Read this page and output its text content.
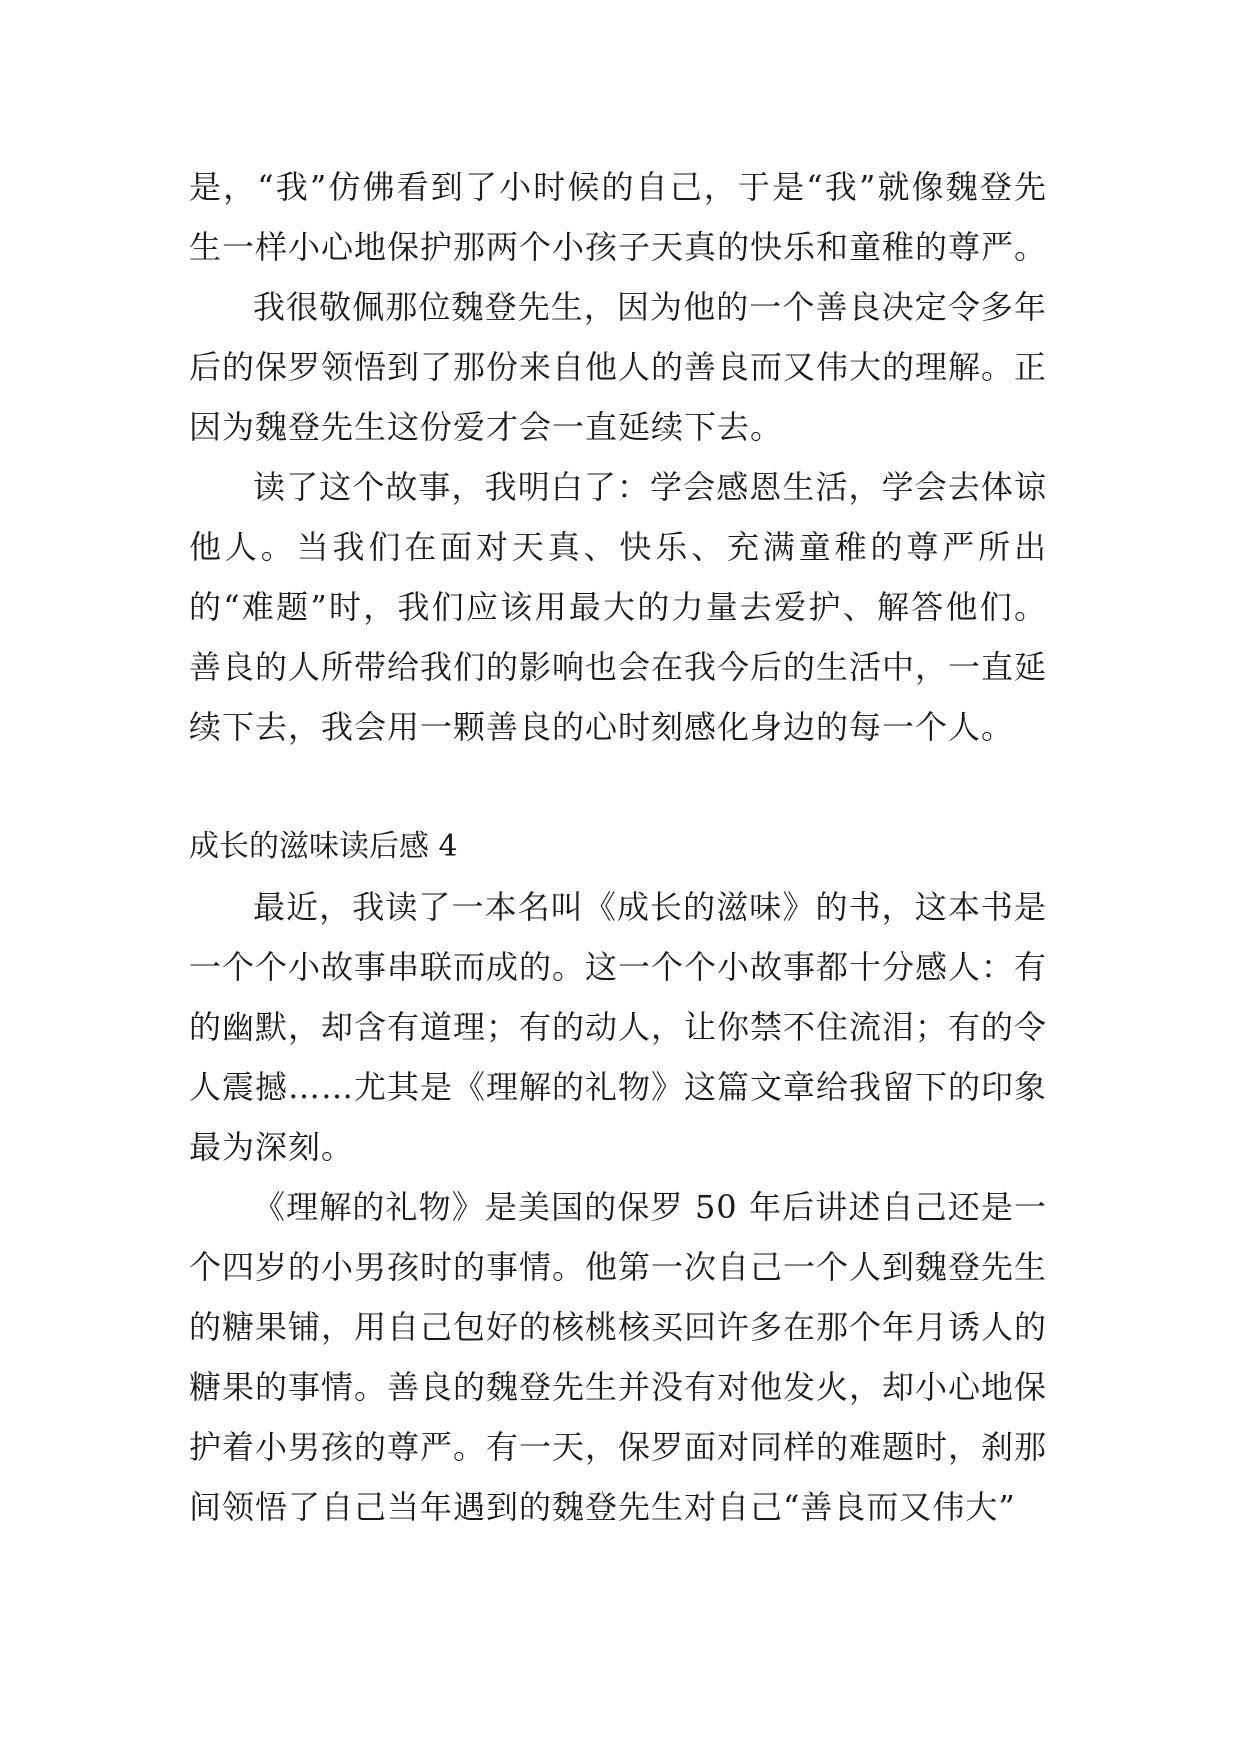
是，“我”仿佛看到了小时候的自己，于是“我”就像魏登先生一样小心地保护那两个小孩子天真的快乐和童稚的尊严。

我很敬佩那位魏登先生，因为他的一个善良决定令多年后的保罗领悟到了那份来自他人的善良而又伟大的理解。正因为魏登先生这份爱才会一直延续下去。

读了这个故事，我明白了：学会感恩生活，学会去体谅他人。当我们在面对天真、快乐、充满童稚的尊严所出的“难题”时，我们应该用最大的力量去爱护、解答他们。善良的人所带给我们的影响也会在我今后的生活中，一直延续下去，我会用一颗善良的心时刻感化身边的每一个人。

成长的滋味读后感 4

最近，我读了一本名叫《成长的滋味》的书，这本书是一个个小故事串联而成的。这一个个小故事都十分感人：有的幽默，却含有道理；有的动人，让你禁不住流泪；有的令人震撼……尤其是《理解的礼物》这篇文章给我留下的印象最为深刻。

《理解的礼物》是美国的保罗 50 年后讲述自己还是一个四岁的小男孩时的事情。他第一次自己一个人到魏登先生的糖果铺，用自己包好的核桃核买回许多在那个年月诱人的糖果的事情。善良的魏登先生并没有对他发火，却小心地保护着小男孩的尊严。有一天，保罗面对同样的难题时，刹那间领悟了自己当年遇到的魏登先生对自己“善良而又伟大”
